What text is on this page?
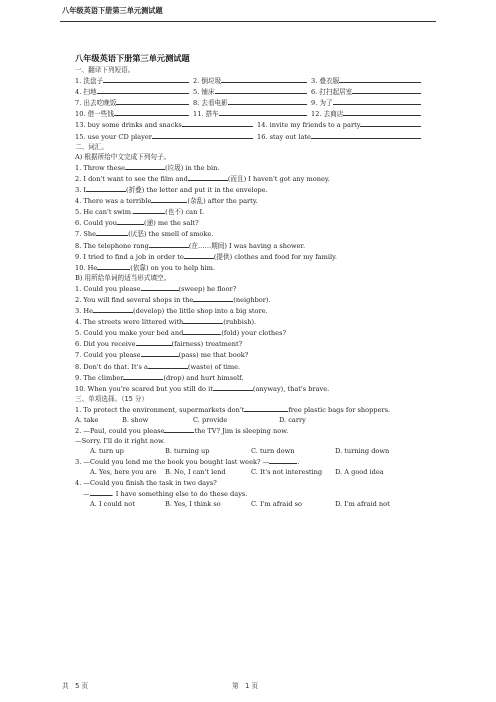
八年级英语下册第三单元测试题
八年级英语下册第三单元测试题
一、翻译下列短语。
1. 洗盘子	2. 倒垃圾	3. 叠衣服
4. 扫地	5. 铺床	6. 打扫起居室
7. 出去吃晚饭	8. 去看电影	9. 为了
10. 借一些钱	11. 搭车	12. 去商店
13. buy some drinks and snacks	14. invite my friends to a party
15. use your CD player	16. stay out late
二、词汇。
A) 根据所给中文完成下列句子。
1. Throw these	(垃圾) in the bin.
2. I don't want to see the film and	(而且) I haven't got any money.
3. I	(折叠) the letter and put it in the envelope.
4. There was a terrible	(杂乱) after the party.
5. He can't swim.	(也不) can I.
6. Could you	(递) me the salt?
7. She	(厌恶) the smell of smoke.
8. The telephone rang	(在……期间) I was having a shower.
9. I tried to find a job in order to	(提供) clothes and food for my family.
10. He	(依靠) on you to help him.
B) 用所给单词的适当形式填空。
1. Could you please	(sweep) he floor?
2. You will find several shops in the	(neighbor).
3. He	(develop) the little shop into a big store.
4. The streets were littered with	(rubbish).
5. Could you make your bed and	(fold) your clothes?
6. Did you receive	(fairness) treatment?
7. Could you please	(pass) me that book?
8. Don't do that. It's a	(waste) of time.
9. The climber	(drop) and hurt himself.
10. When you're scared but you still do it	(anyway), that's brave.
三、单项选择。（15 分）
1. To protect the environment, supermarkets don't	free plastic bags for shoppers.
A. take	B. show	C. provide	D. carry
2. —Paul, could you please	the TV? Jim is sleeping now.
—Sorry. I'll do it right now.
A. turn up	B. turning up	C. turn down	D. turning down
3. —Could you lend me the book you bought last week? —	.
A. Yes, here you are	B. No, I can't lend	C. It's not interesting	D. A good idea
4. —Could you finish the task in two days?
—	. I have something else to do these days.
A. I could not	B. Yes, I think so	C. I'm afraid so	D. I'm afraid not
共　5 页	第　1 页
